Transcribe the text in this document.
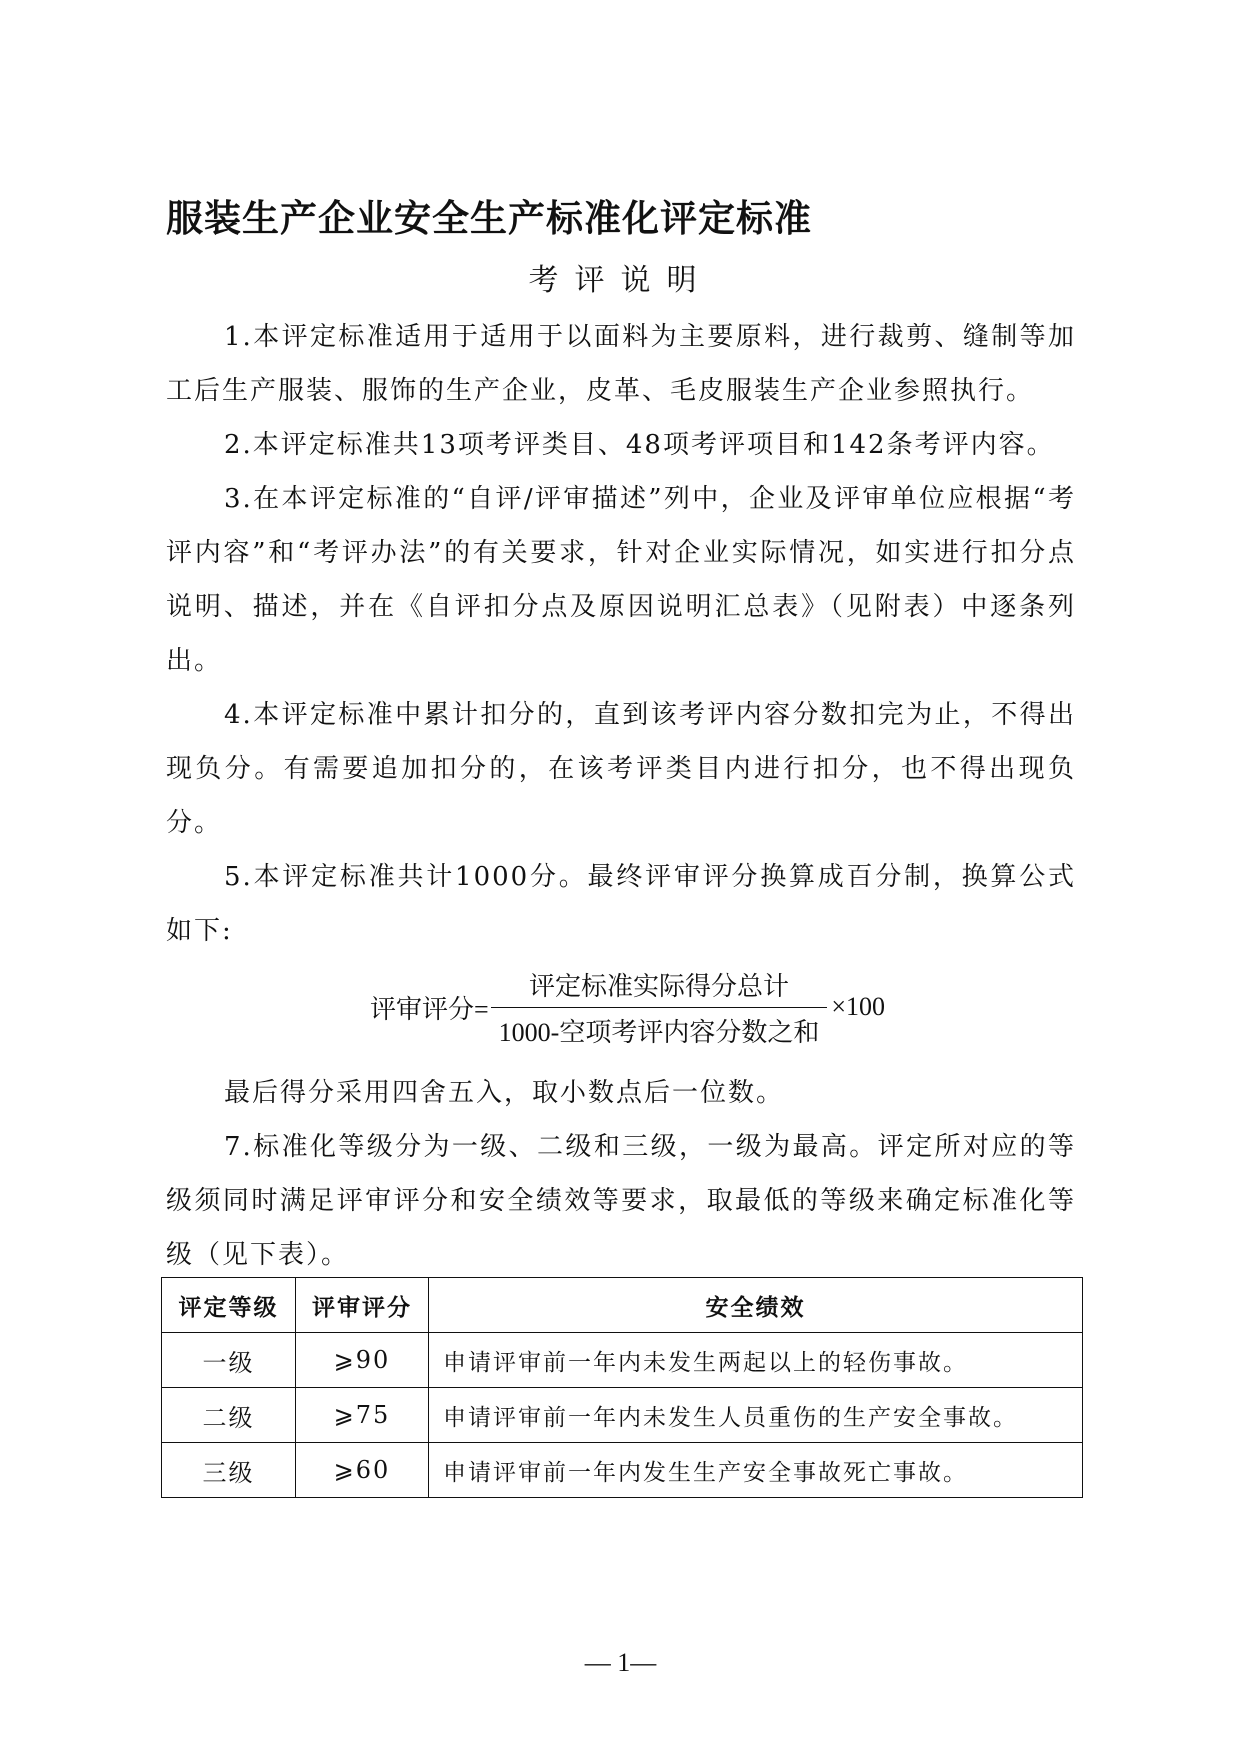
服装生产企业安全生产标准化评定标准
考评说明
1.本评定标准适用于适用于以面料为主要原料，进行裁剪、缝制等加工后生产服装、服饰的生产企业，皮革、毛皮服装生产企业参照执行。
2.本评定标准共13项考评类目、48项考评项目和142条考评内容。
3.在本评定标准的“自评/评审描述”列中，企业及评审单位应根据“考评内容”和“考评办法”的有关要求，针对企业实际情况，如实进行扣分点说明、描述，并在《自评扣分点及原因说明汇总表》（见附表）中逐条列出。
4.本评定标准中累计扣分的，直到该考评内容分数扣完为止，不得出现负分。有需要追加扣分的，在该考评类目内进行扣分，也不得出现负分。
5.本评定标准共计1000分。最终评审评分换算成百分制，换算公式如下:
评审评分= $\frac{\text{评定标准实际得分总计}}{\text{1000-空项考评内容分数之和}} \times 100$
最后得分采用四舍五入，取小数点后一位数。
7.标准化等级分为一级、二级和三级，一级为最高。评定所对应的等级须同时满足评审评分和安全绩效等要求，取最低的等级来确定标准化等级（见下表）。
评定等级	评审评分	安全绩效
一级	⩾90	申请评审前一年内未发生两起以上的轻伤事故。
二级	⩾75	申请评审前一年内未发生人员重伤的生产安全事故。
三级	⩾60	申请评审前一年内发生生产安全事故死亡事故。
— 1—
